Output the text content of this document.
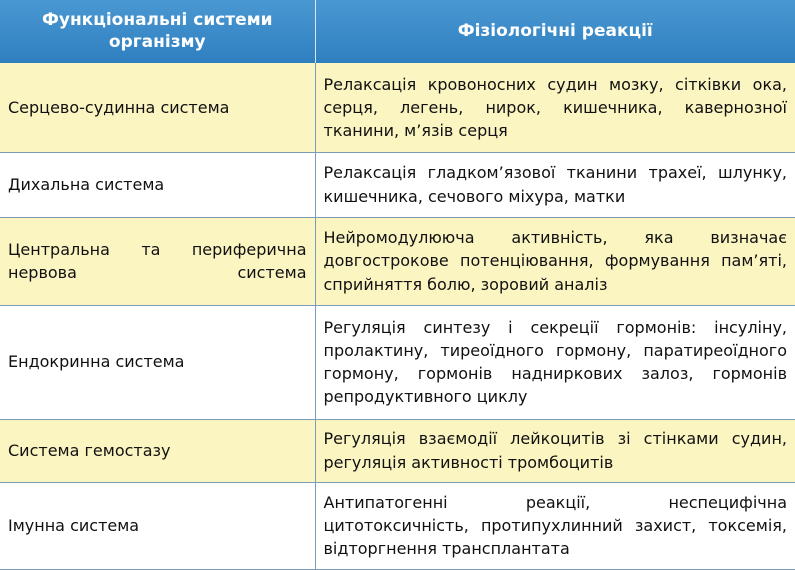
Функціональні системи організму	Фізіологічні реакції
Серцево-судинна система	Релаксація кровоносних судин мозку, сітківки ока, серця, легень, нирок, кишечника, кавернозної тканини, м’язів серця
Дихальна система	Релаксація гладком’язової тканини трахеї, шлунку, кишечника, сечового міхура, матки
Центральна та периферична нервова система	Нейромодулююча активність, яка визначає довгострокове потенціювання, формування пам’яті, сприйняття болю, зоровий аналіз
Ендокринна система	Регуляція синтезу і секреції гормонів: інсуліну, пролактину, тиреоїдного гормону, паратиреоїдного гормону, гормонів надниркових залоз, гормонів репродуктивного циклу
Система гемостазу	Регуляція взаємодії лейкоцитів зі стінками судин, регуляція активності тромбоцитів
Імунна система	Антипатогенні реакції, неспецифічна цитотоксичність, протипухлинний захист, токсемія, відторгнення трансплантата
